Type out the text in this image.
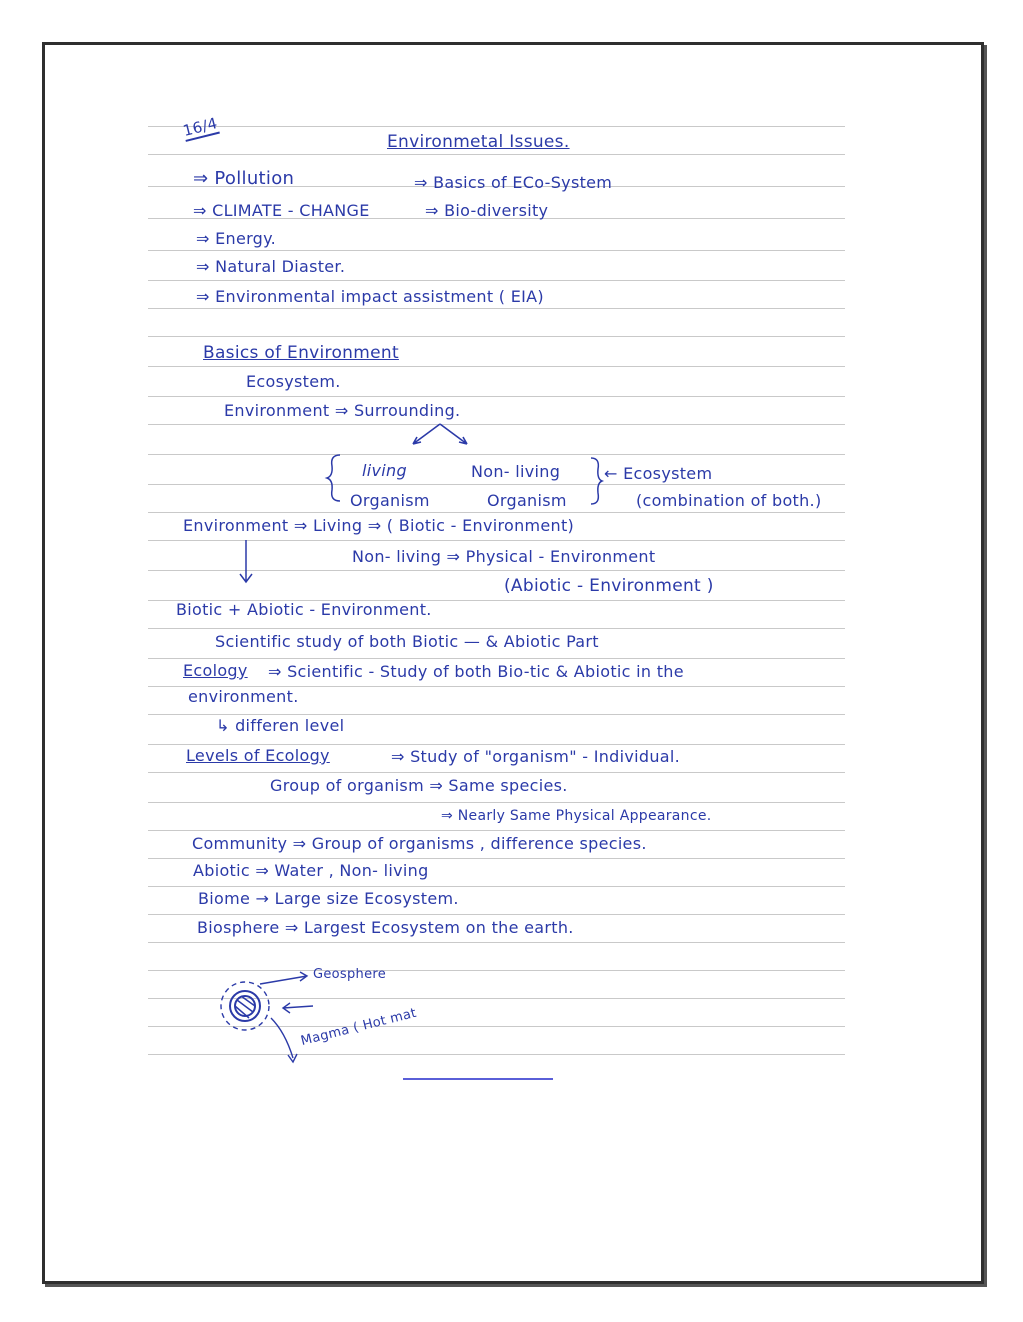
16/4
Environmetal Issues.
⇒ Pollution	⇒ Basics of ECo-System
⇒ CLIMATE - CHANGE	⇒ Bio-diversity
⇒ Energy.
⇒ Natural Diaster.
⇒ Environmental impact assistment ( EIA)
Basics of Environment
Ecosystem.
Environment ⇒ Surrounding.
living	Non- living	← Ecosystem
Organism	Organism	(combination of both.)
Environment ⇒ Living ⇒ ( Biotic - Environment)
Non- living ⇒ Physical - Environment
(Abiotic - Environment )
Biotic + Abiotic - Environment.
Scientific study of both Biotic — & Abiotic Part
Ecology ⇒ Scientific - Study of both Bio-tic & Abiotic in the
environment.
↳ differen level
Levels of Ecology	⇒ Study of "organism" - Individual.
Group of organism ⇒ Same species.
⇒ Nearly Same Physical Appearance.
Community ⇒ Group of organisms , difference species.
Abiotic ⇒ Water , Non- living
Biome → Large size Ecosystem.
Biosphere ⇒ Largest Ecosystem on the earth.
Geosphere
Magma ( Hot mat
